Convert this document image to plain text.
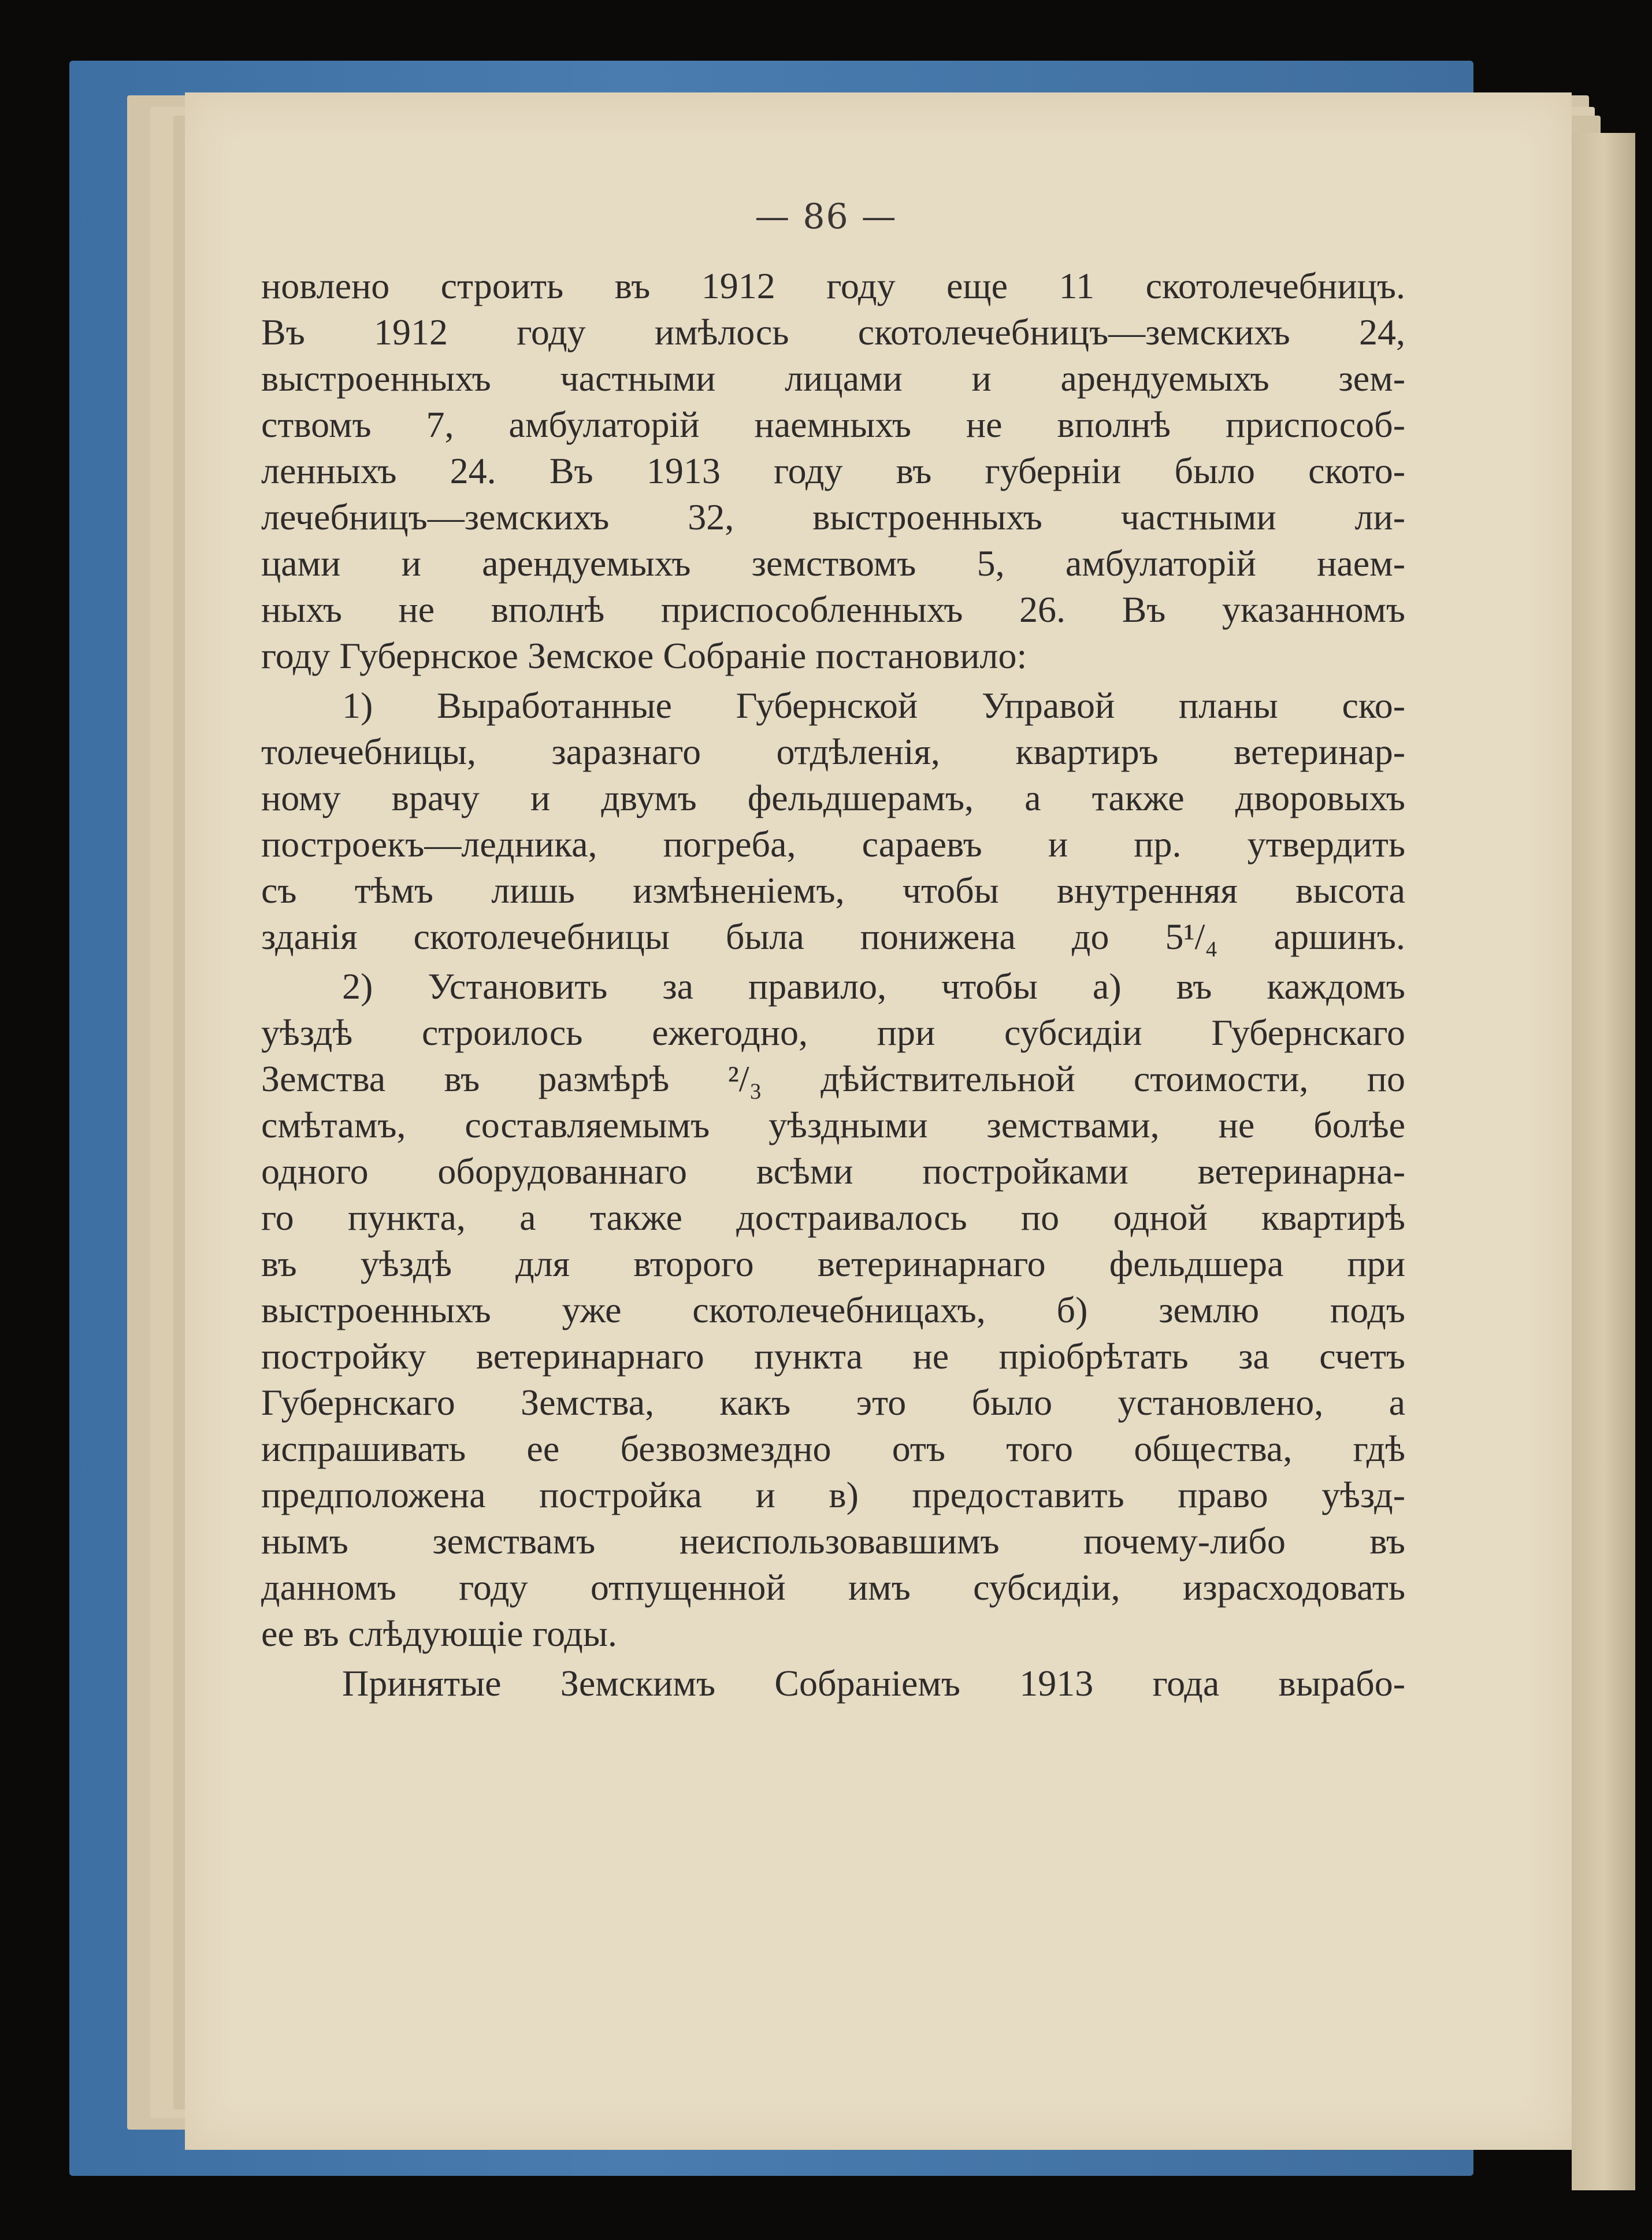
— 86 —

новлено строить въ 1912 году еще 11 скотолечебницъ.
Въ 1912 году имѣлось скотолечебницъ—земскихъ 24,
выстроенныхъ частными лицами и арендуемыхъ зем-
ствомъ 7, амбулаторій наемныхъ не вполнѣ приспособ-
ленныхъ 24. Въ 1913 году въ губерніи было ското-
лечебницъ—земскихъ 32, выстроенныхъ частными ли-
цами и арендуемыхъ земствомъ 5, амбулаторій наем-
ныхъ не вполнѣ приспособленныхъ 26. Въ указанномъ
году Губернское Земское Собраніе постановило:

1) Выработанные Губернской Управой планы ско-
толечебницы, заразнаго отдѣленія, квартиръ ветеринар-
ному врачу и двумъ фельдшерамъ, а также дворовыхъ
построекъ—ледника, погреба, сараевъ и пр. утвердить
съ тѣмъ лишь измѣненіемъ, чтобы внутренняя высота
зданія скотолечебницы была понижена до 5¹/₄ аршинъ.

2) Установить за правило, чтобы а) въ каждомъ
уѣздѣ строилось ежегодно, при субсидіи Губернскаго
Земства въ размѣрѣ ²/₃ дѣйствительной стоимости, по
смѣтамъ, составляемымъ уѣздными земствами, не болѣе
одного оборудованнаго всѣми постройками ветеринарна-
го пункта, а также достраивалось по одной квартирѣ
въ уѣздѣ для второго ветеринарнаго фельдшера при
выстроенныхъ уже скотолечебницахъ, б) землю подъ
постройку ветеринарнаго пункта не пріобрѣтать за счетъ
Губернскаго Земства, какъ это было установлено, а
испрашивать ее безвозмездно отъ того общества, гдѣ
предположена постройка и в) предоставить право уѣзд-
нымъ земствамъ неиспользовавшимъ почему-либо въ
данномъ году отпущенной имъ субсидіи, израсходовать
ее въ слѣдующіе годы.

Принятые Земскимъ Собраніемъ 1913 года вырабо-
